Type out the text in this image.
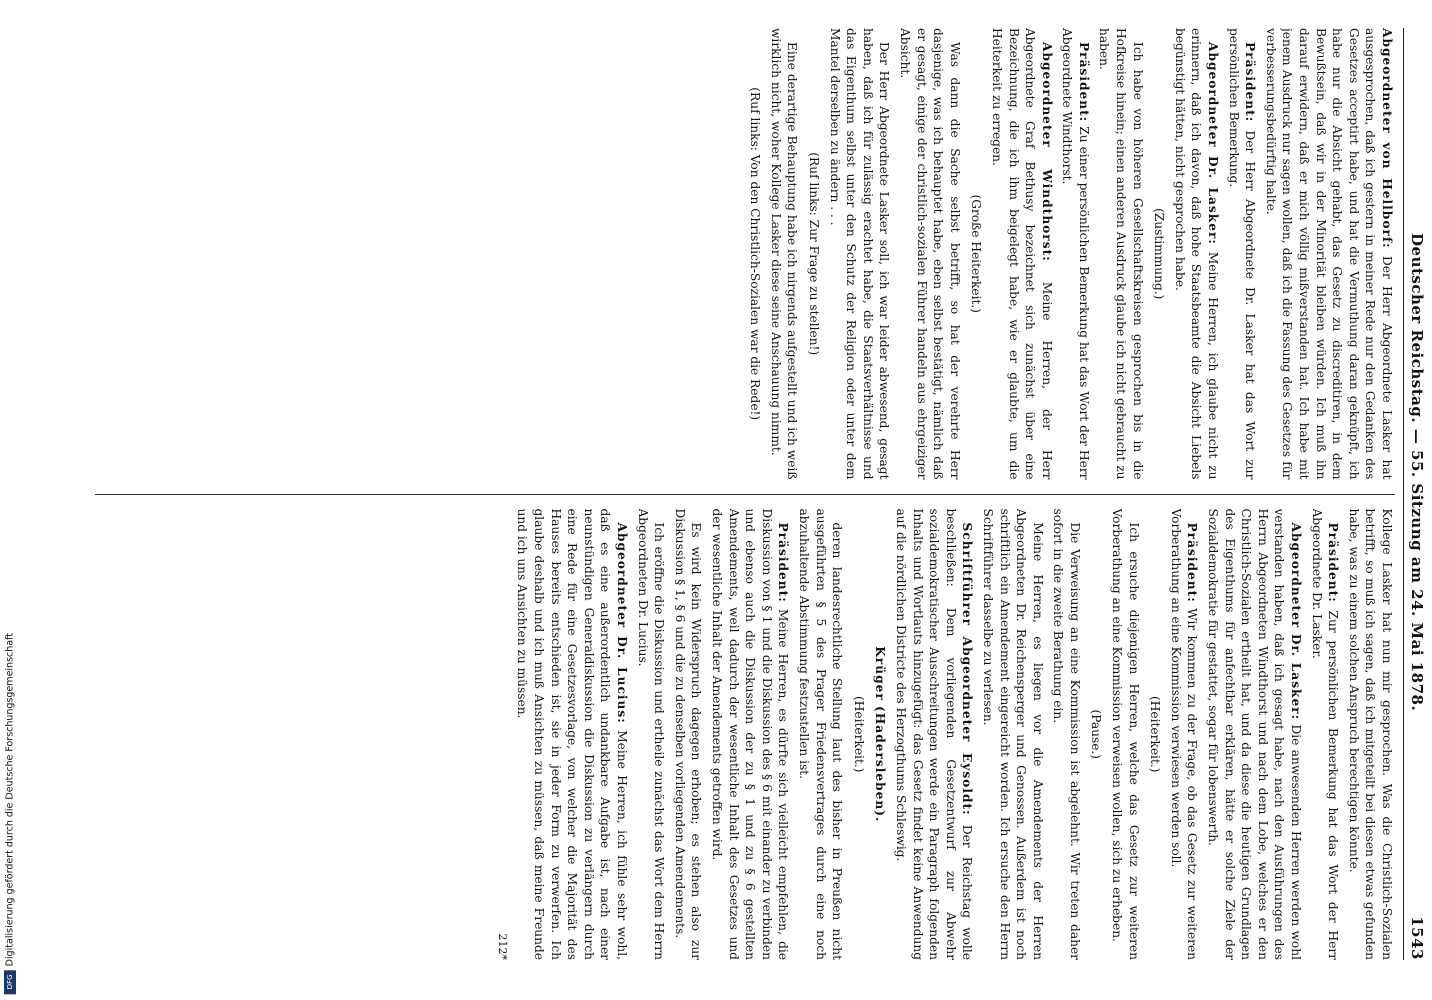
Deutscher Reichstag. — 55. Sitzung am 24. Mai 1878.
1543

Abgeordneter von Hellborf: Der Herr Abgeordnete Lasker hat ausgesprochen, daß ich gestern in meiner Rede nur den Gedanken des Gesetzes acceptirt habe, und hat die Vermuthung daran geknüpft, ich habe nur die Absicht gehabt, das Gesetz zu discreditiren, in dem Bewußtsein, daß wir in der Minorität bleiben würden. Ich muß ihn darauf erwidern, daß er mich völlig mißverstanden hat. Ich habe mit jenem Ausdruck nur sagen wollen, daß ich die Fassung des Gesetzes für verbesserungsbedürftig halte.

Präsident: Der Herr Abgeordnete Dr. Lasker hat das Wort zur persönlichen Bemerkung.

Abgeordneter Dr. Lasker: Meine Herren, ich glaube nicht zu erinnern, daß ich davon, daß hohe Staatsbeamte die Absicht Liebels begünstigt hätten, nicht gesprochen habe.

(Zustimmung.)

Ich habe von höheren Gesellschaftskreisen gesprochen bis in die Hofkreise hinein; einen anderen Ausdruck glaube ich nicht gebraucht zu haben.

Präsident: Zu einer persönlichen Bemerkung hat das Wort der Herr Abgeordnete Windthorst.

Abgeordneter Windthorst: Meine Herren, der Herr Abgeordnete Graf Bethusy bezeichnet sich zunächst über eine Bezeichnung, die ich ihm beigelegt habe, wie er glaubte, um die Heiterkeit zu erregen.

(Große Heiterkeit.)

Was dann die Sache selbst betrifft, so hat der verehrte Herr dasjenige, was ich behauptet habe, eben selbst bestätigt, nämlich daß er gesagt, einige der christlich-sozialen Führer handeln aus ehrgeiziger Absicht.

Der Herr Abgeordnete Lasker soll, ich war leider abwesend, gesagt haben, daß ich für zulässig erachtet habe, die Staatsverhältnisse und das Eigenthum selbst unter den Schutz der Religion oder unter dem Mantel derselben zu ändern . . .

(Ruf links: Zur Frage zu stellen!)

Eine derartige Behauptung habe ich nirgends aufgestellt und ich weiß wirklich nicht, woher Kollege Lasker diese seine Anschauung nimmt.

(Ruf links: Von den Christlich-Sozialen war die Rede!)

Kollege Lasker hat nun mir gesprochen. Was die Christlich-Sozialen betrifft, so muß ich sagen, daß ich mitgeteilt bei diesen etwas gefunden habe, was zu einem solchen Anspruch berechtigen könnte.

Präsident: Zur persönlichen Bemerkung hat das Wort der Herr Abgeordnete Dr. Lasker.

Abgeordneter Dr. Lasker: Die anwesenden Herren werden wohl verstanden haben, daß ich gesagt habe, nach den Ausführungen des Herrn Abgeordneten Windthorst und nach dem Lobe, welches er den Christlich-Sozialen ertheilt hat, und da diese die heutigen Grundlagen des Eigenthums für anfechtbar erklären, hätte er solche Ziele der Sozialdemokratie für gestattet, sogar für lobenswerth.

Präsident: Wir kommen zu der Frage, ob das Gesetz zur weiteren Vorberathung an eine Kommission verwiesen werden soll.

(Heiterkeit.)

Ich ersuche diejenigen Herren, welche das Gesetz zur weiteren Vorberathung an eine Kommission verweisen wollen, sich zu erheben.

(Pause.)

Die Verweisung an eine Kommission ist abgelehnt. Wir treten daher sofort in die zweite Berathung ein.

Meine Herren, es liegen vor die Amendements der Herren Abgeordneten Dr. Reichensperger und Genossen. Außerdem ist noch schriftlich ein Amendement eingereicht worden. Ich ersuche den Herrn Schriftführer dasselbe zu verlesen.

Schriftführer Abgeordneter Eysoldt: Der Reichstag wolle beschließen: Dem vorliegenden Gesetzentwurf zur Abwehr sozialdemokratischer Ausschreitungen werde ein Paragraph folgenden Inhalts und Wortlauts hinzugefügt: das Gesetz findet keine Anwendung auf die nördlichen Districte des Herzogthums Schleswig.

Krüger (Hadersleben).

(Heiterkeit.)

deren landesrechtliche Stellung laut des bisher in Preußen nicht ausgeführten § 5 des Prager Friedensvertrages durch eine noch abzuhaltende Abstimmung festzustellen ist.

Präsident: Meine Herren, es dürfte sich vielleicht empfehlen, die Diskussion von § 1 und die Diskussion des § 6 mit einander zu verbinden und ebenso auch die Diskussion der zu § 1 und zu § 6 gestellten Amendements, weil dadurch der wesentliche Inhalt des Gesetzes und der wesentliche Inhalt der Amendements getroffen wird.

Es wird kein Widerspruch dagegen erhoben; es stehen also zur Diskussion § 1, § 6 und die zu denselben vorliegenden Amendements.

Ich eröffne die Diskussion und ertheile zunächst das Wort dem Herrn Abgeordneten Dr. Lucius.

Abgeordneter Dr. Lucius: Meine Herren, ich fühle sehr wohl, daß es eine außerordentlich undankbare Aufgabe ist, nach einer neunstündigen Generaldiskussion die Diskussion zu verlängern durch eine Rede für eine Gesetzesvorlage, von welcher die Majorität des Hauses bereits entschieden ist, sie in jeder Form zu verwerfen. Ich glaube deshalb und ich muß Ansichten zu müssen, daß meine Freunde und ich uns Ansichten zu müssen.

212*
DFG
Digitalisierung gefördert durch die Deutsche Forschungsgemeinschaft
